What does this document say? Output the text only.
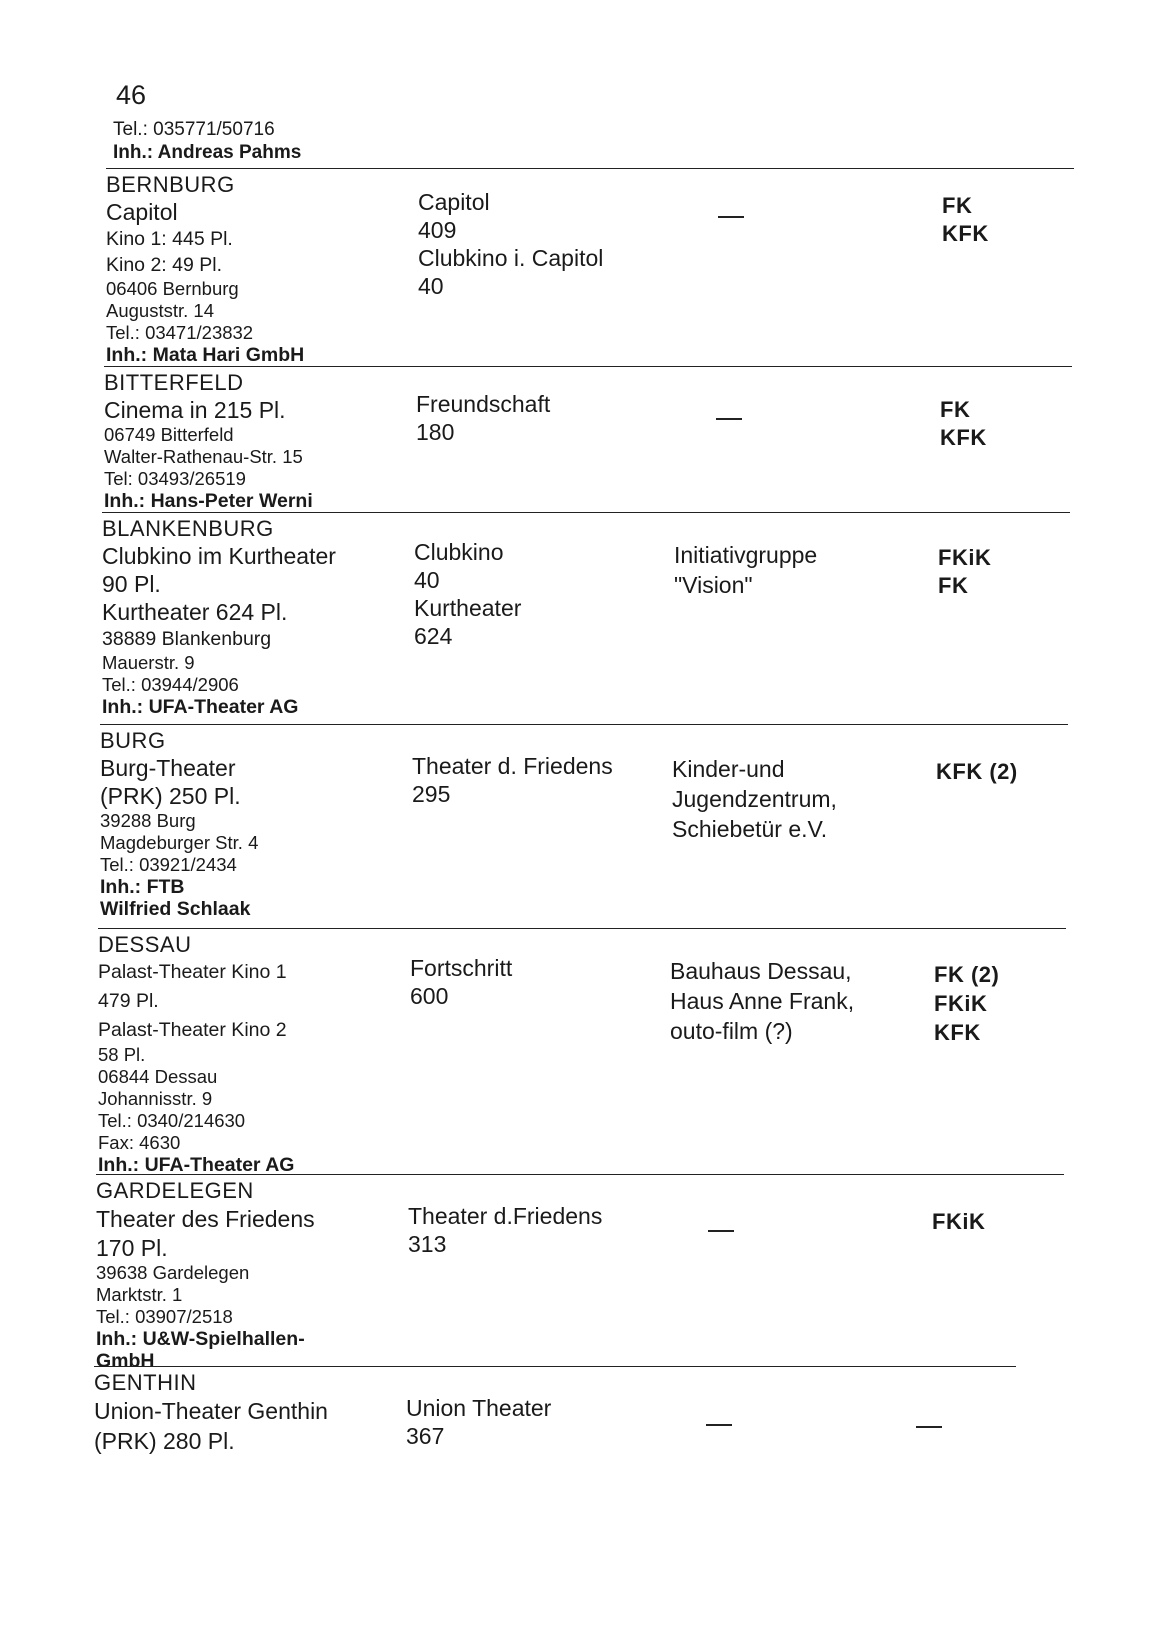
46
Tel.: 035771/50716
Inh.: Andreas Pahms
BERNBURG
Capitol
Kino 1: 445 Pl.
Kino 2: 49 Pl.
06406 Bernburg
Auguststr. 14
Tel.: 03471/23832
Inh.: Mata Hari GmbH
Capitol
409
Clubkino i. Capitol
40
FK
KFK
BITTERFELD
Cinema in 215 Pl.
06749 Bitterfeld
Walter-Rathenau-Str. 15
Tel: 03493/26519
Inh.: Hans-Peter Werni
Freundschaft
180
FK
KFK
BLANKENBURG
Clubkino im Kurtheater
90 Pl.
Kurtheater 624 Pl.
38889 Blankenburg
Mauerstr. 9
Tel.: 03944/2906
Inh.: UFA-Theater AG
Clubkino
40
Kurtheater
624
Initiativgruppe
"Vision"
FKiK
FK
BURG
Burg-Theater
(PRK) 250 Pl.
39288 Burg
Magdeburger Str. 4
Tel.: 03921/2434
Inh.: FTB
Wilfried Schlaak
Theater d. Friedens
295
Kinder-und
Jugendzentrum,
Schiebetür e.V.
KFK (2)
DESSAU
Palast-Theater Kino 1
479 Pl.
Palast-Theater Kino 2
58 Pl.
06844 Dessau
Johannisstr. 9
Tel.: 0340/214630
Fax: 4630
Inh.: UFA-Theater AG
Fortschritt
600
Bauhaus Dessau,
Haus Anne Frank,
outo-film (?)
FK (2)
FKiK
KFK
GARDELEGEN
Theater des Friedens
170 Pl.
39638 Gardelegen
Marktstr. 1
Tel.: 03907/2518
Inh.: U&W-Spielhallen-
GmbH
Theater d.Friedens
313
FKiK
GENTHIN
Union-Theater Genthin
(PRK) 280 Pl.
Union Theater
367
